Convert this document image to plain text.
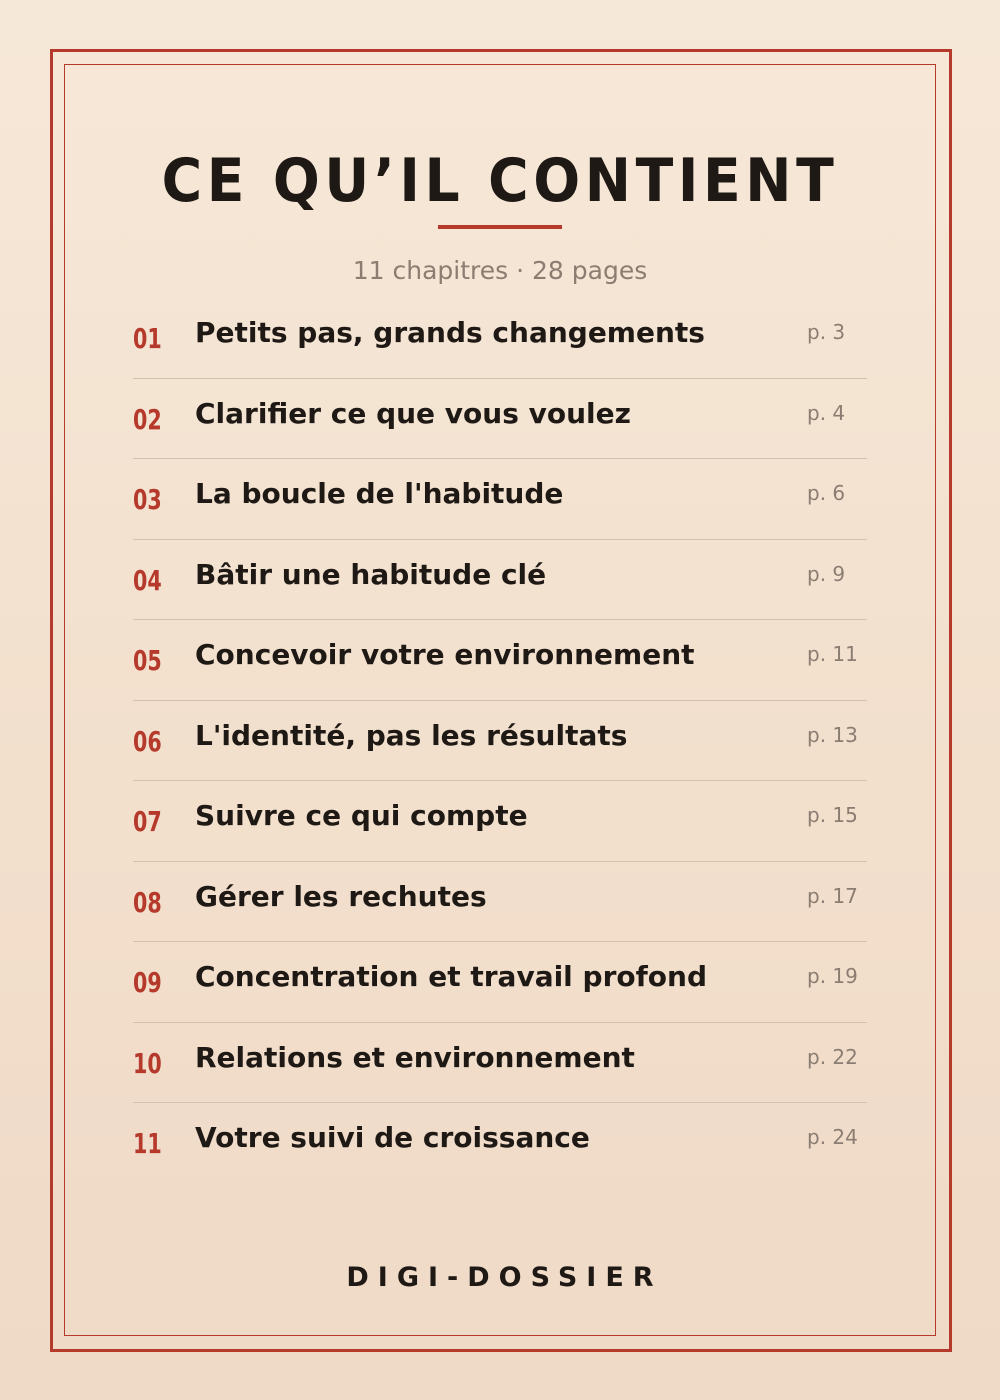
CE QU’IL CONTIENT
11 chapitres · 28 pages
01 Petits pas, grands changements	p. 3
02 Clarifier ce que vous voulez	p. 4
03 La boucle de l'habitude	p. 6
04 Bâtir une habitude clé	p. 9
05 Concevoir votre environnement	p. 11
06 L'identité, pas les résultats	p. 13
07 Suivre ce qui compte	p. 15
08 Gérer les rechutes	p. 17
09 Concentration et travail profond	p. 19
10 Relations et environnement	p. 22
11 Votre suivi de croissance	p. 24
DIGI-DOSSIER
